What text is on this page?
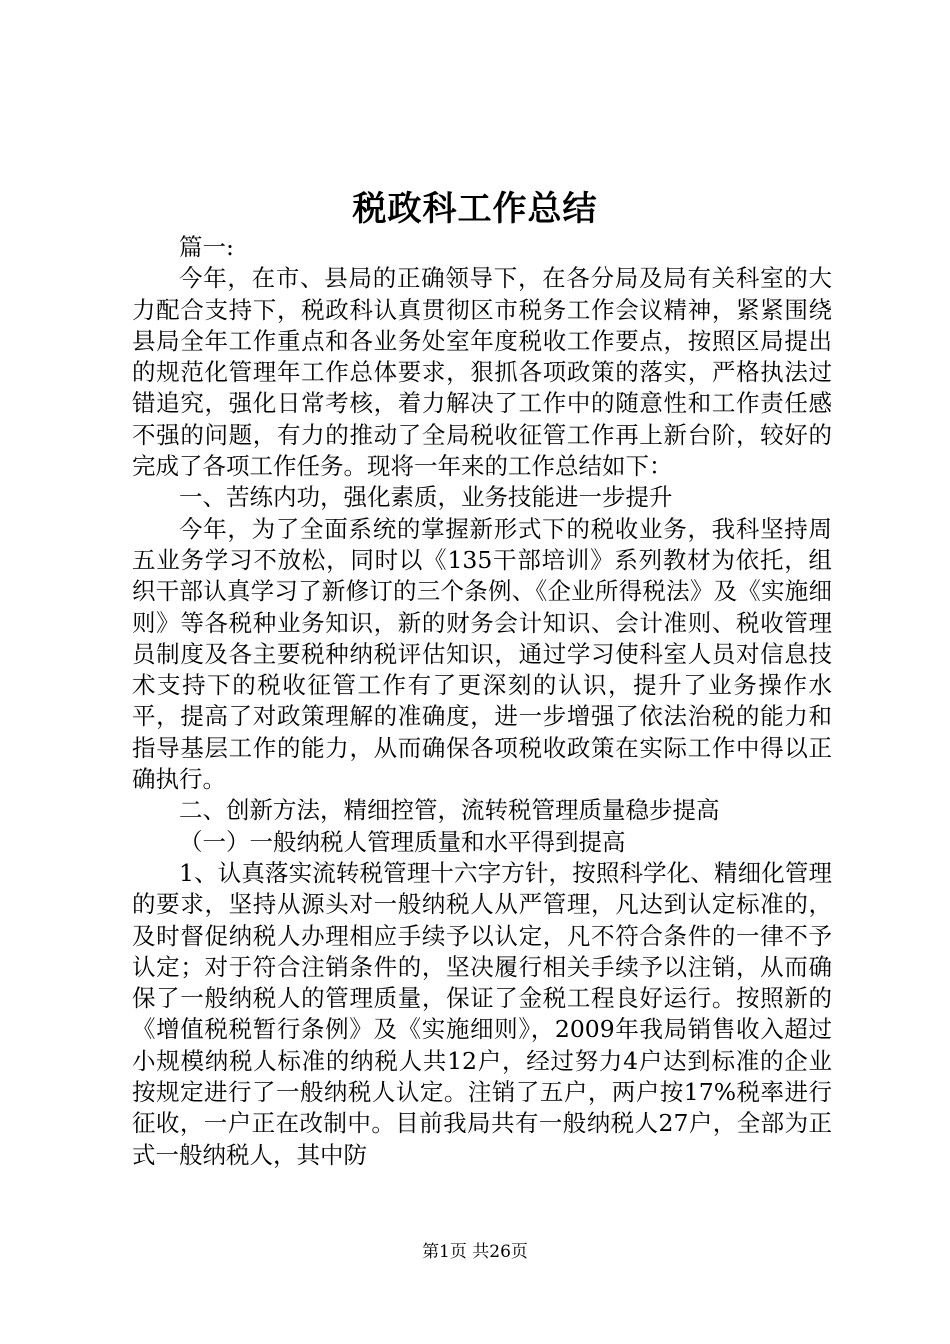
税政科工作总结

篇一:

今年，在市、县局的正确领导下，在各分局及局有关科室的大力配合支持下，税政科认真贯彻区市税务工作会议精神，紧紧围绕县局全年工作重点和各业务处室年度税收工作要点，按照区局提出的规范化管理年工作总体要求，狠抓各项政策的落实，严格执法过错追究，强化日常考核，着力解决了工作中的随意性和工作责任感不强的问题，有力的推动了全局税收征管工作再上新台阶，较好的完成了各项工作任务。现将一年来的工作总结如下：

一、苦练内功，强化素质，业务技能进一步提升

今年，为了全面系统的掌握新形式下的税收业务，我科坚持周五业务学习不放松，同时以《135干部培训》系列教材为依托，组织干部认真学习了新修订的三个条例、《企业所得税法》及《实施细则》等各税种业务知识，新的财务会计知识、会计准则、税收管理员制度及各主要税种纳税评估知识，通过学习使科室人员对信息技术支持下的税收征管工作有了更深刻的认识，提升了业务操作水平，提高了对政策理解的准确度，进一步增强了依法治税的能力和指导基层工作的能力，从而确保各项税收政策在实际工作中得以正确执行。

二、创新方法，精细控管，流转税管理质量稳步提高

（一）一般纳税人管理质量和水平得到提高

1、认真落实流转税管理十六字方针，按照科学化、精细化管理的要求，坚持从源头对一般纳税人从严管理，凡达到认定标准的，及时督促纳税人办理相应手续予以认定，凡不符合条件的一律不予认定；对于符合注销条件的，坚决履行相关手续予以注销，从而确保了一般纳税人的管理质量，保证了金税工程良好运行。按照新的《增值税税暂行条例》及《实施细则》，2009年我局销售收入超过小规模纳税人标准的纳税人共12户，经过努力4户达到标准的企业按规定进行了一般纳税人认定。注销了五户，两户按17%税率进行征收，一户正在改制中。目前我局共有一般纳税人27户，全部为正式一般纳税人，其中防

第1页 共26页
